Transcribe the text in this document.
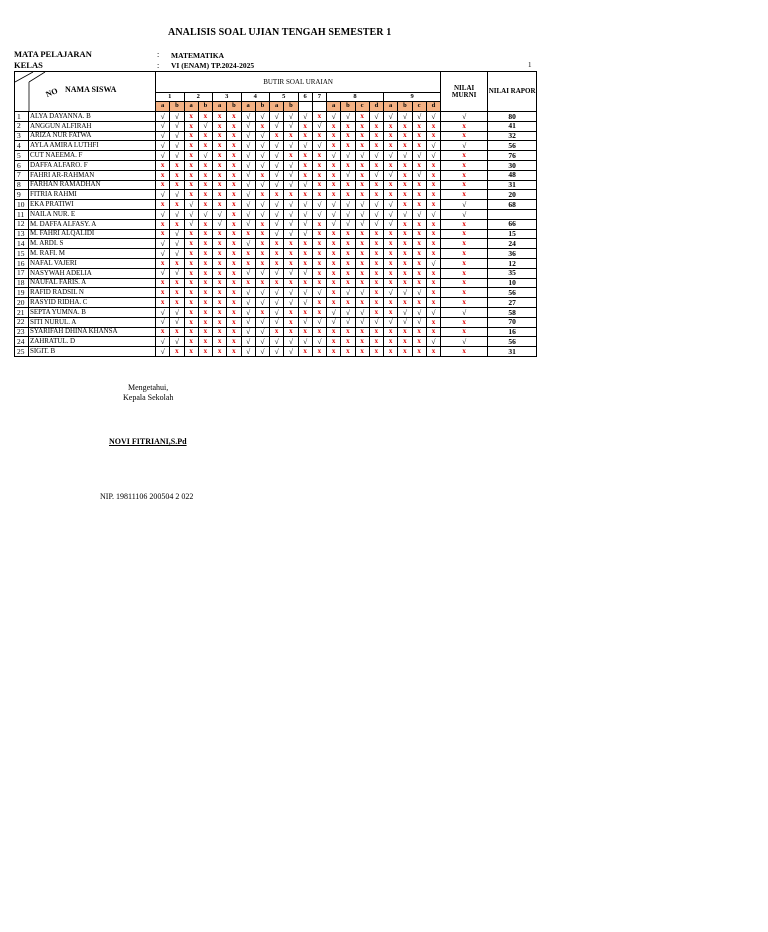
ANALISIS SOAL UJIAN TENGAH SEMESTER 1
MATA PELAJARAN	: MATEMATIKA
KELAS	: VI (ENAM) TP.2024-2025	1
NO NAMA SISWA		BUTIR SOAL URAIAN																				NILAI MURNI	NILAI RAPOR	
		1		2		3		4		5		6	7	8				9						
		a	b	a	b	a	b	a	b	a	b			a	b	c	d	a	b	c	d			
1	ALYA DAYANNA. B	√	√	x	x	x	x	√	√	√	√	√	x	√	√	x	√	√	√	√	√	√	80	
2	ANGGUN ALFIRAH	√	√	x	√	x	x	√	x	√	√	x	√	x	x	x	x	x	x	x	x	x	41	
3	ARIZA NUR FATWA	√	√	x	x	x	x	√	√	x	x	x	x	x	x	x	x	x	x	x	x	x	32	
4	AYLA AMIRA LUTHFI	√	√	x	x	x	x	√	√	√	√	√	√	x	x	x	x	x	x	x	√	√	56	
5	CUT NAEEMA. F	√	√	x	√	x	x	√	√	√	x	x	x	√	√	√	√	√	√	√	√	x	76	
6	DAFFA ALFARO. F	x	x	x	x	x	x	√	√	√	√	x	x	x	x	x	x	x	x	x	x	x	30	
7	FAHRI AR-RAHMAN	x	x	x	x	x	x	√	x	√	√	x	x	x	√	x	√	√	x	√	x	x	48	
8	FARHAN RAMADHAN	x	x	x	x	x	x	√	√	√	√	√	x	x	x	x	x	x	x	x	x	x	31	
9	FITRIA RAHMI	√	√	x	x	x	x	√	x	x	x	x	x	x	x	x	x	x	x	x	x	x	20	
10	EKA PRATIWI	x	x	√	x	x	x	√	√	√	√	√	√	√	√	√	√	√	x	x	x	√	68	
11	NAILA NUR. E	√	√	√	√	√	x	√	√	√	√	√	√	√	√	√	√	√	√	√	√	√		
12	M. DAFFA ALFASY. A	x	x	√	x	√	x	√	x	√	√	√	x	√	√	√	√	√	x	x	x	x	66	
13	M. FAHRI ALQALIDI	x	√	x	x	x	x	x	x	√	√	√	x	x	x	x	x	x	x	x	x	x	15	
14	M. ARDI. S	√	√	x	x	x	x	√	x	x	x	x	x	x	x	x	x	x	x	x	x	x	24	
15	M. RAFI. M	√	√	x	x	x	x	x	x	x	x	x	x	x	x	x	x	x	x	x	x	x	36	
16	NAFAL VAJERI	x	x	x	x	x	x	x	x	x	x	x	x	x	x	x	x	x	x	x	√	x	12	
17	NASYWAH ADELIA	√	√	x	x	x	x	√	√	√	√	√	x	x	x	x	x	x	x	x	x	x	35	
18	NAUFAL FARIS. A	x	x	x	x	x	x	x	x	x	x	x	x	x	x	x	x	x	x	x	x	x	10	
19	RAFID RADSIL N	x	x	x	x	x	x	√	√	√	√	√	√	x	√	√	x	√	√	√	x	x	56	
20	RASYID RIDHA. C	x	x	x	x	x	x	√	√	√	√	√	x	x	x	x	x	x	x	x	x	x	27	
21	SEPTA YUMNA. B	√	√	x	x	x	x	√	x	√	x	x	x	√	√	√	x	x	√	√	√	√	58	
22	SITI NURUL. A	√	√	x	x	x	x	√	√	√	x	√	√	√	√	√	√	√	√	√	x	x	70	
23	SYARIFAH DHINA KHANSA	x	x	x	x	x	x	√	√	x	x	x	x	x	x	x	x	x	x	x	x	x	16	
24	ZAHRATUL. D	√	√	x	x	x	x	√	√	√	√	√	√	x	x	x	x	x	x	x	√	√	56	
25	SIGIT. B	√	x	x	x	x	x	√	√	√	√	x	x	x	x	x	x	x	x	x	x	x	31	
Mengetahui,
Kepala Sekolah
NOVI FITRIANI,S.Pd
NIP. 19811106 200504 2 022
